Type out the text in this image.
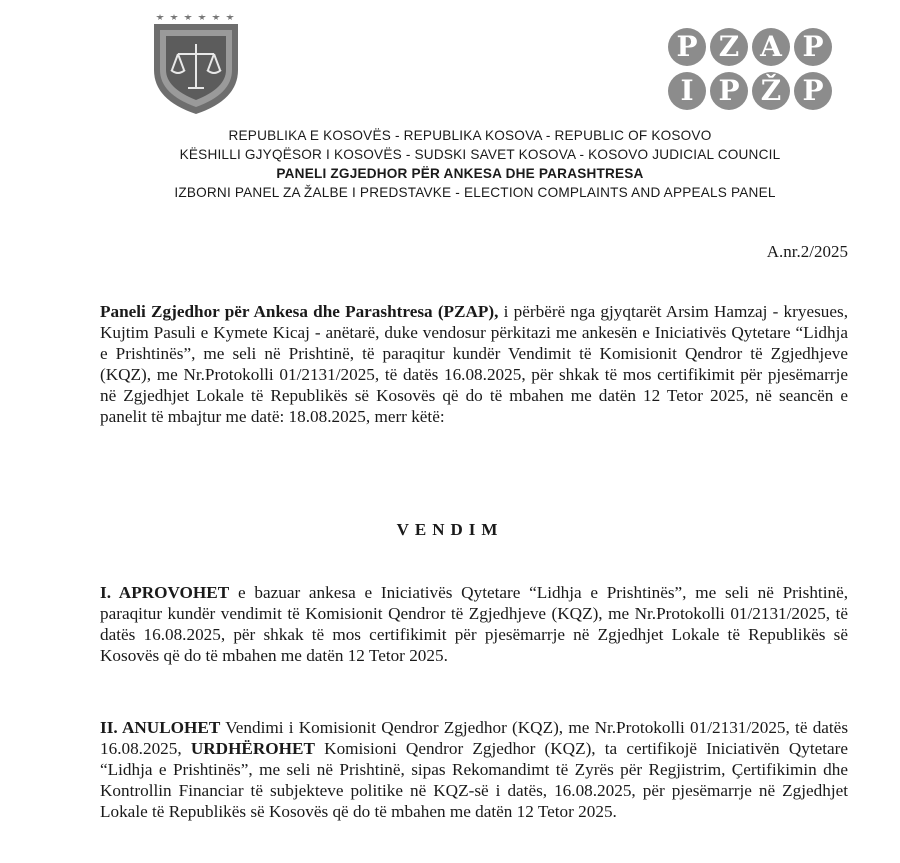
P Z A P
I P Ž P
REPUBLIKA E KOSOVËS - REPUBLIKA KOSOVA - REPUBLIC OF KOSOVO
KËSHILLI GJYQËSOR I KOSOVËS - SUDSKI SAVET KOSOVA - KOSOVO JUDICIAL COUNCIL
PANELI ZGJEDHOR PËR ANKESA DHE PARASHTRESA
IZBORNI PANEL ZA ŽALBE I PREDSTAVKE - ELECTION COMPLAINTS AND APPEALS PANEL
A.nr.2/2025

Paneli Zgjedhor për Ankesa dhe Parashtresa (PZAP), i përbërë nga gjyqtarët Arsim Hamzaj - kryesues, Kujtim Pasuli e Kymete Kicaj - anëtarë, duke vendosur përkitazi me ankesën e Iniciativës Qytetare “Lidhja e Prishtinës”, me seli në Prishtinë, të paraqitur kundër Vendimit të Komisionit Qendror të Zgjedhjeve (KQZ), me Nr.Protokolli 01/2131/2025, të datës 16.08.2025, për shkak të mos certifikimit për pjesëmarrje në Zgjedhjet Lokale të Republikës së Kosovës që do të mbahen me datën 12 Tetor 2025, në seancën e panelit të mbajtur me datë: 18.08.2025, merr këtë:

VENDIM

I. APROVOHET e bazuar ankesa e Iniciativës Qytetare “Lidhja e Prishtinës”, me seli në Prishtinë, paraqitur kundër vendimit të Komisionit Qendror të Zgjedhjeve (KQZ), me Nr.Protokolli 01/2131/2025, të datës 16.08.2025, për shkak të mos certifikimit për pjesëmarrje në Zgjedhjet Lokale të Republikës së Kosovës që do të mbahen me datën 12 Tetor 2025.

II. ANULOHET Vendimi i Komisionit Qendror Zgjedhor (KQZ), me Nr.Protokolli 01/2131/2025, të datës 16.08.2025, URDHËROHET Komisioni Qendror Zgjedhor (KQZ), ta certifikojë Iniciativën Qytetare “Lidhja e Prishtinës”, me seli në Prishtinë, sipas Rekomandimt të Zyrës për Regjistrim, Çertifikimin dhe Kontrollin Financiar të subjekteve politike në KQZ-së i datës, 16.08.2025, për pjesëmarrje në Zgjedhjet Lokale të Republikës së Kosovës që do të mbahen me datën 12 Tetor 2025.
